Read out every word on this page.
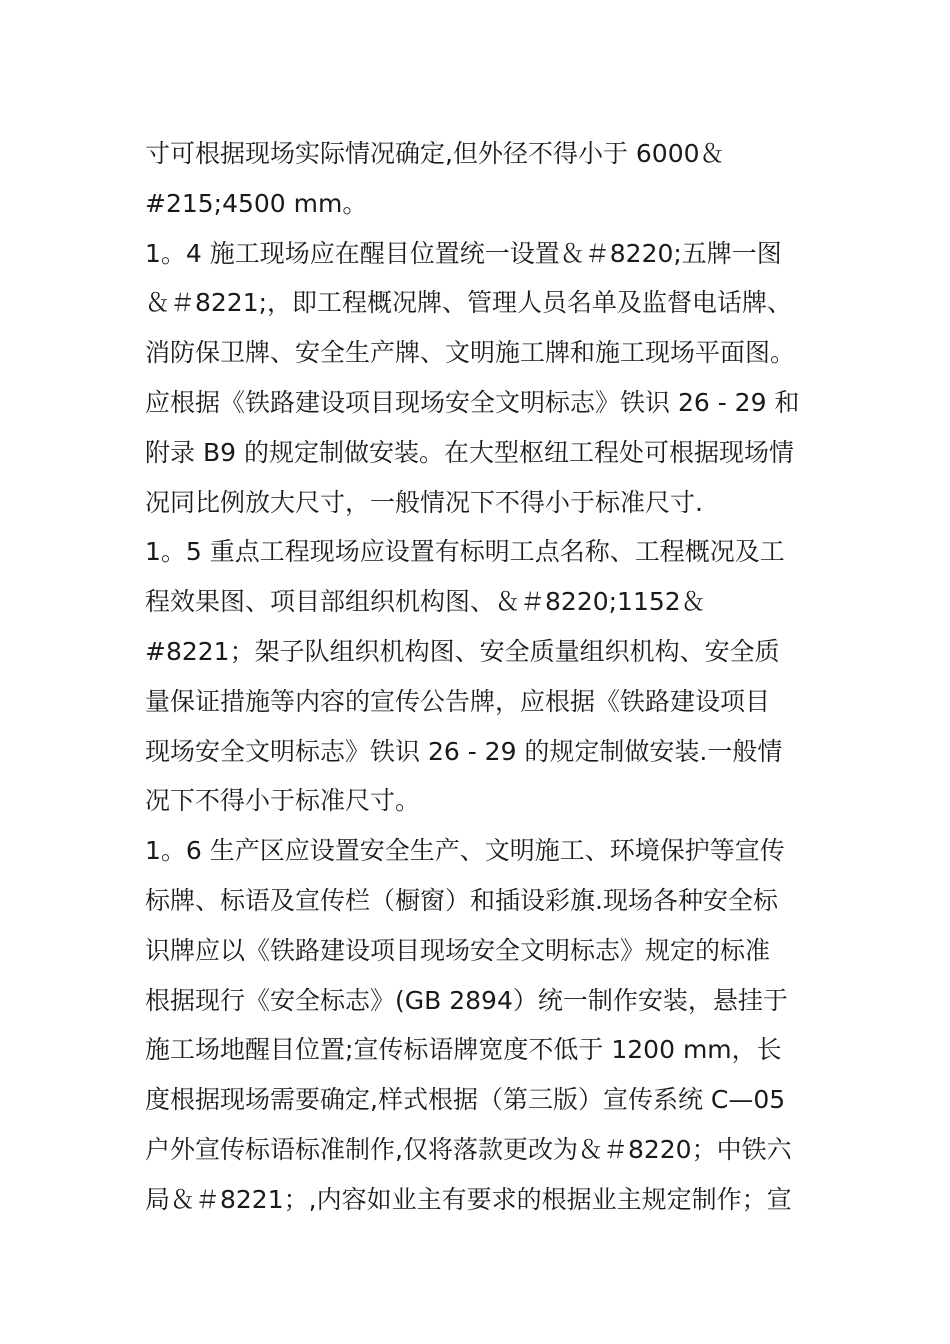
寸可根据现场实际情况确定,但外径不得小于 6000＆
#215;4500 mm。
1。4 施工现场应在醒目位置统一设置＆＃8220;五牌一图
＆＃8221;，即工程概况牌、管理人员名单及监督电话牌、
消防保卫牌、安全生产牌、文明施工牌和施工现场平面图。
应根据《铁路建设项目现场安全文明标志》铁识 26 - 29 和
附录 B9 的规定制做安装。在大型枢纽工程处可根据现场情
况同比例放大尺寸，一般情况下不得小于标准尺寸.
1。5 重点工程现场应设置有标明工点名称、工程概况及工
程效果图、项目部组织机构图、＆＃8220;1152＆
#8221；架子队组织机构图、安全质量组织机构、安全质
量保证措施等内容的宣传公告牌，应根据《铁路建设项目
现场安全文明标志》铁识 26 - 29 的规定制做安装.一般情
况下不得小于标准尺寸。
1。6 生产区应设置安全生产、文明施工、环境保护等宣传
标牌、标语及宣传栏（橱窗）和插设彩旗.现场各种安全标
识牌应以《铁路建设项目现场安全文明标志》规定的标准
根据现行《安全标志》(GB 2894）统一制作安装，悬挂于
施工场地醒目位置;宣传标语牌宽度不低于 1200 mm，长
度根据现场需要确定,样式根据（第三版）宣传系统 C—05
户外宣传标语标准制作,仅将落款更改为＆＃8220；中铁六
局＆＃8221；,内容如业主有要求的根据业主规定制作；宣
